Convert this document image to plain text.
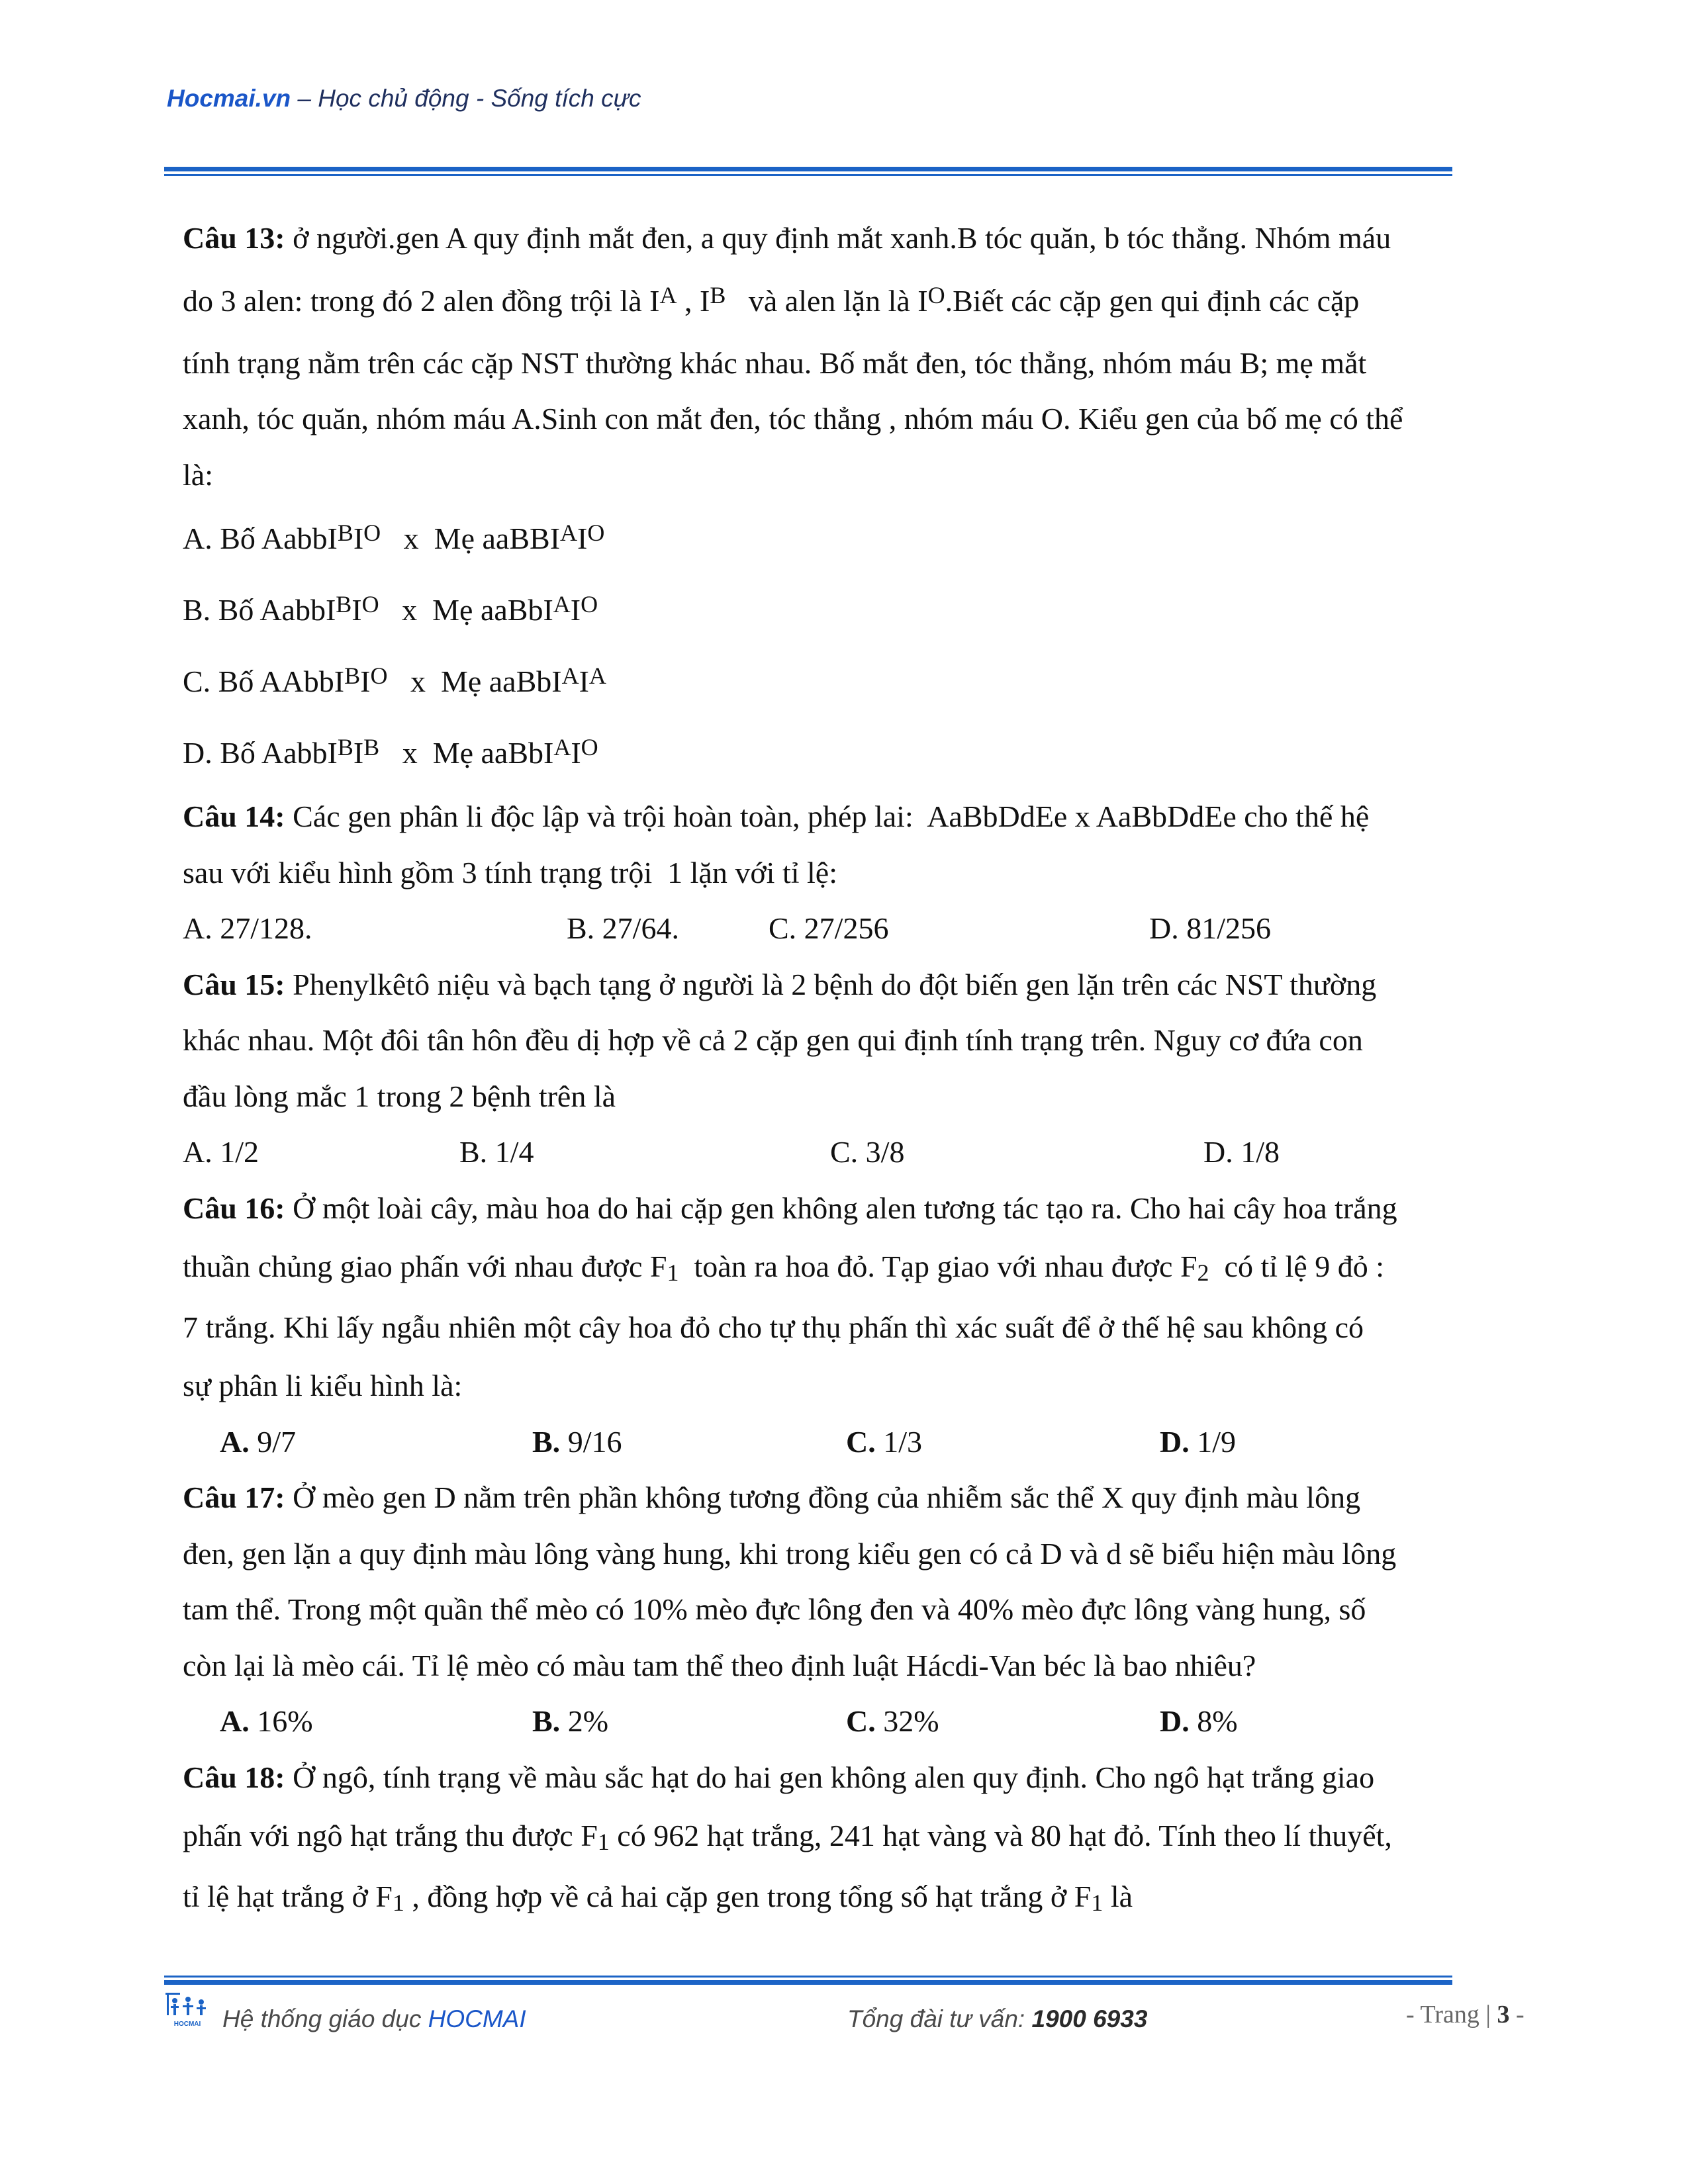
Hocmai.vn – Học chủ động - Sống tích cực
Câu 13: ở người.gen A quy định mắt đen, a quy định mắt xanh.B tóc quăn, b tóc thẳng. Nhóm máu
do 3 alen: trong đó 2 alen đồng trội là $I^A$ , $I^B$   và alen lặn là $I^O.Biết$ các cặp gen qui định các cặp
tính trạng nằm trên các cặp NST thường khác nhau. Bố mắt đen, tóc thẳng, nhóm máu B; mẹ mắt
xanh, tóc quăn, nhóm máu A.Sinh con mắt đen, tóc thẳng , nhóm máu O. Kiểu gen của bố mẹ có thể
là:
A. Bố $AabbI^BI^O$   x  Mẹ $aaBBI^AI^O$
B. Bố $AabbI^BI^O$   x  Mẹ $aaBbI^AI^O$
C. Bố $AAbbI^BI^O$   x  Mẹ $aaBbI^AI^A$
D. Bố $AabbI^BI^B$   x  Mẹ $aaBbI^AI^O$
Câu 14: Các gen phân li độc lập và trội hoàn toàn, phép lai:  AaBbDdEe x AaBbDdEe cho thế hệ
sau với kiểu hình gồm 3 tính trạng trội  1 lặn với tỉ lệ:
A. 27/128.	B. 27/64.	C. 27/256	D. 81/256
Câu 15: Phenylkêtô niệu và bạch tạng ở người là 2 bệnh do đột biến gen lặn trên các NST thường
khác nhau. Một đôi tân hôn đều dị hợp về cả 2 cặp gen qui định tính trạng trên. Nguy cơ đứa con
đầu lòng mắc 1 trong 2 bệnh trên là
A. 1/2	B. 1/4	C. 3/8	D. 1/8
Câu 16: Ở một loài cây, màu hoa do hai cặp gen không alen tương tác tạo ra. Cho hai cây hoa trắng
thuần chủng giao phấn với nhau được $F_1$  toàn ra hoa đỏ. Tạp giao với nhau được $F_2$  có tỉ lệ 9 đỏ :
7 trắng. Khi lấy ngẫu nhiên một cây hoa đỏ cho tự thụ phấn thì xác suất để ở thế hệ sau không có
sự phân li kiểu hình là:
A. 9/7	B. 9/16	C. 1/3	D. 1/9
Câu 17: Ở mèo gen D nằm trên phần không tương đồng của nhiễm sắc thể X quy định màu lông
đen, gen lặn a quy định màu lông vàng hung, khi trong kiểu gen có cả D và d sẽ biểu hiện màu lông
tam thể. Trong một quần thể mèo có 10% mèo đực lông đen và 40% mèo đực lông vàng hung, số
còn lại là mèo cái. Tỉ lệ mèo có màu tam thể theo định luật Hácdi-Van béc là bao nhiêu?
A. 16%	B. 2%	C. 32%	D. 8%
Câu 18: Ở ngô, tính trạng về màu sắc hạt do hai gen không alen quy định. Cho ngô hạt trắng giao
phấn với ngô hạt trắng thu được $F_1$ có 962 hạt trắng, 241 hạt vàng và 80 hạt đỏ. Tính theo lí thuyết,
tỉ lệ hạt trắng ở $F_1$ , đồng hợp về cả hai cặp gen trong tổng số hạt trắng ở $F_1$ là
HOCMAI Hệ thống giáo dục HOCMAI	Tổng đài tư vấn: 1900 6933	- Trang | 3 -
